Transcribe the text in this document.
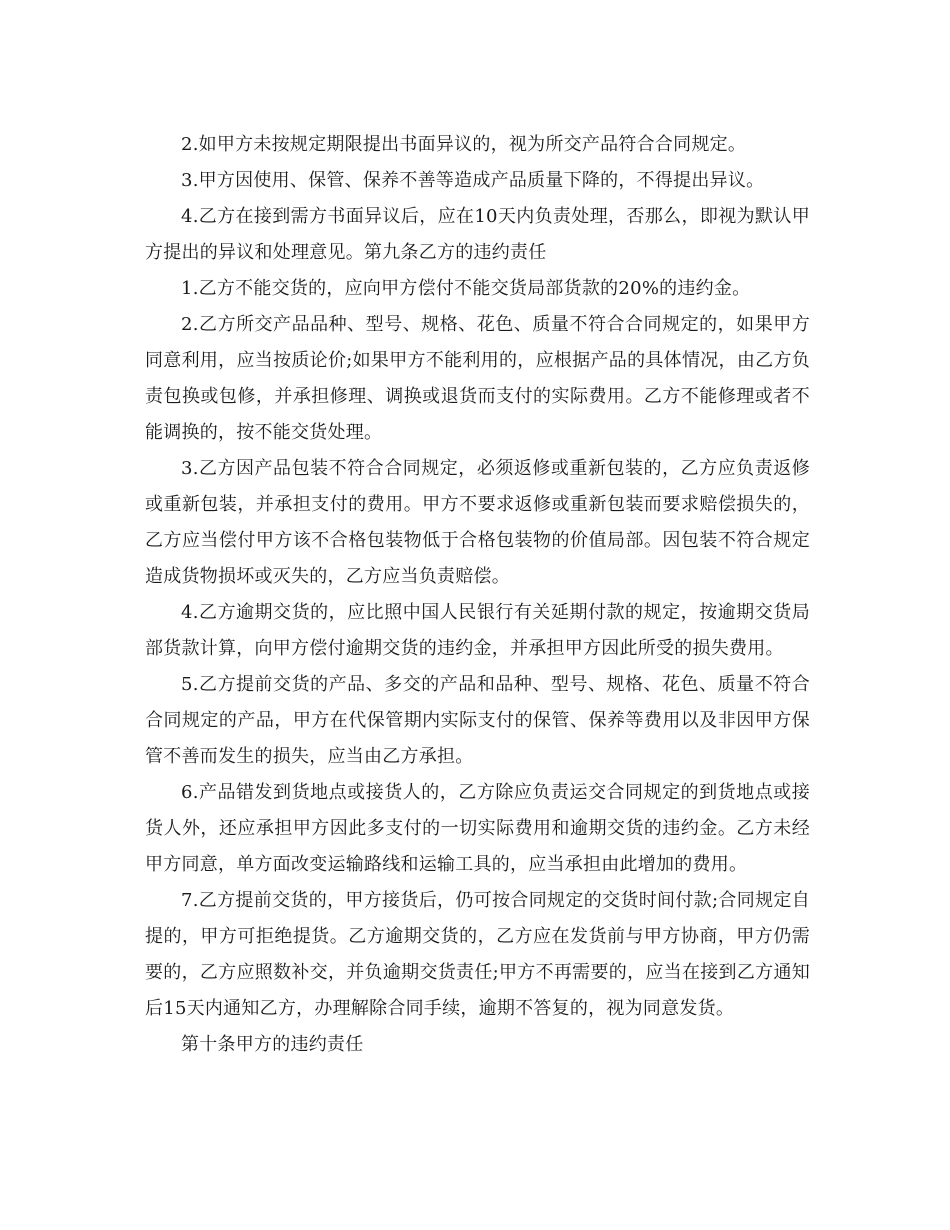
2.如甲方未按规定期限提出书面异议的，视为所交产品符合合同规定。

3.甲方因使用、保管、保养不善等造成产品质量下降的，不得提出异议。

4.乙方在接到需方书面异议后，应在10天内负责处理，否那么，即视为默认甲方提出的异议和处理意见。第九条乙方的违约责任

1.乙方不能交货的，应向甲方偿付不能交货局部货款的20%的违约金。

2.乙方所交产品品种、型号、规格、花色、质量不符合合同规定的，如果甲方同意利用，应当按质论价;如果甲方不能利用的，应根据产品的具体情况，由乙方负责包换或包修，并承担修理、调换或退货而支付的实际费用。乙方不能修理或者不能调换的，按不能交货处理。

3.乙方因产品包装不符合合同规定，必须返修或重新包装的，乙方应负责返修或重新包装，并承担支付的费用。甲方不要求返修或重新包装而要求赔偿损失的，乙方应当偿付甲方该不合格包装物低于合格包装物的价值局部。因包装不符合规定造成货物损坏或灭失的，乙方应当负责赔偿。

4.乙方逾期交货的，应比照中国人民银行有关延期付款的规定，按逾期交货局部货款计算，向甲方偿付逾期交货的违约金，并承担甲方因此所受的损失费用。

5.乙方提前交货的产品、多交的产品和品种、型号、规格、花色、质量不符合合同规定的产品，甲方在代保管期内实际支付的保管、保养等费用以及非因甲方保管不善而发生的损失，应当由乙方承担。

6.产品错发到货地点或接货人的，乙方除应负责运交合同规定的到货地点或接货人外，还应承担甲方因此多支付的一切实际费用和逾期交货的违约金。乙方未经甲方同意，单方面改变运输路线和运输工具的，应当承担由此增加的费用。

7.乙方提前交货的，甲方接货后，仍可按合同规定的交货时间付款;合同规定自提的，甲方可拒绝提货。乙方逾期交货的，乙方应在发货前与甲方协商，甲方仍需要的，乙方应照数补交，并负逾期交货责任;甲方不再需要的，应当在接到乙方通知后15天内通知乙方，办理解除合同手续，逾期不答复的，视为同意发货。

第十条甲方的违约责任
